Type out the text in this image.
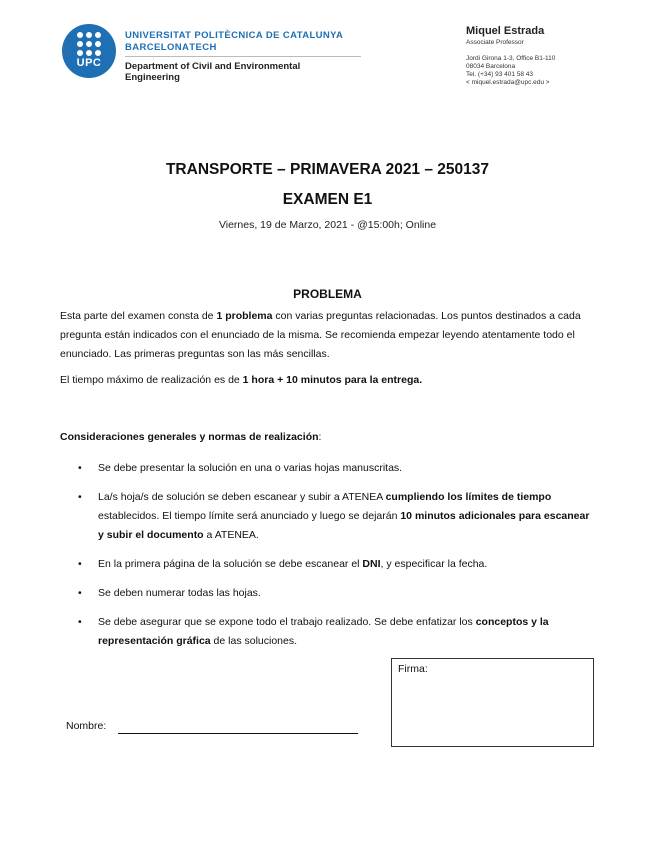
UPC
UNIVERSITAT POLITÈCNICA DE CATALUNYA
BARCELONATECH
Department of Civil and Environmental
Engineering
Miquel Estrada
Associate Professor
Jordi Girona 1-3, Office B1-110
08034 Barcelona
Tel. (+34) 93 401 58 43
< miquel.estrada@upc.edu >
TRANSPORTE – PRIMAVERA 2021 – 250137
EXAMEN E1
Viernes, 19 de Marzo, 2021 - @15:00h; Online
PROBLEMA
Esta parte del examen consta de 1 problema con varias preguntas relacionadas. Los puntos destinados a cada pregunta están indicados con el enunciado de la misma. Se recomienda empezar leyendo atentamente todo el enunciado. Las primeras preguntas son las más sencillas.
El tiempo máximo de realización es de 1 hora + 10 minutos para la entrega.
Consideraciones generales y normas de realización:
• Se debe presentar la solución en una o varias hojas manuscritas.
• La/s hoja/s de solución se deben escanear y subir a ATENEA cumpliendo los límites de tiempo establecidos. El tiempo límite será anunciado y luego se dejarán 10 minutos adicionales para escanear y subir el documento a ATENEA.
• En la primera página de la solución se debe escanear el DNI, y especificar la fecha.
• Se deben numerar todas las hojas.
• Se debe asegurar que se expone todo el trabajo realizado. Se debe enfatizar los conceptos y la representación gráfica de las soluciones.
Firma:
Nombre:
